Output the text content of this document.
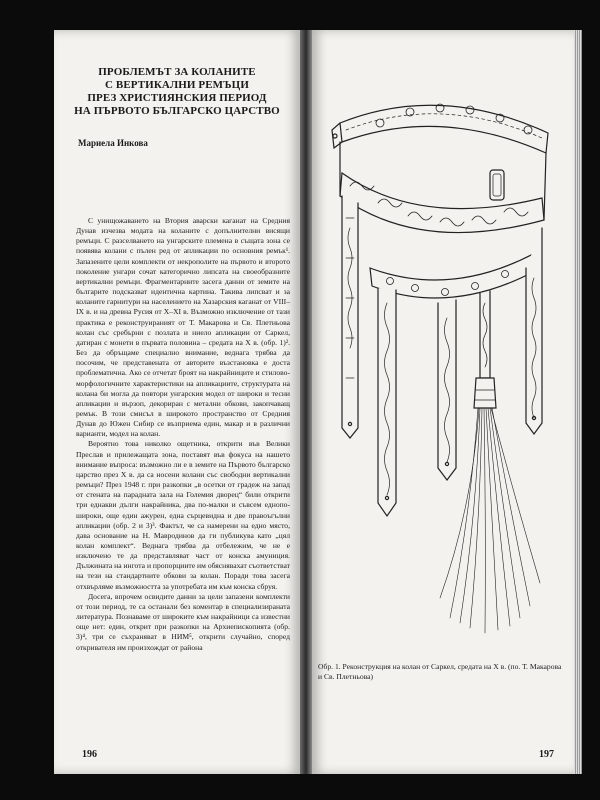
ПРОБЛЕМЪТ ЗА КОЛАНИТЕ
С ВЕРТИКАЛНИ РЕМЪЦИ
ПРЕЗ ХРИСТИЯНСКИЯ ПЕРИОД
НА ПЪРВОТО БЪЛГАРСКО ЦАРСТВО
Мариела Инкова

С унищожаването на Втория аварски каганат на Средния Дунав изчезва модата на коланите с допълнителни висящи ремъци. С разселването на унгарските племена в същата зона се появява колани с пълен ред от апликации по основния ремък¹. Запазените цели комплекти от некрополите на първото и второто поколение унгари сочат категорично липсата на своеобразните вертикални ремъци. Фрагментарните засега данни от земите на българите подсказват идентична картина. Такива липсват и за коланите гарнитури на населението на Хазарския каганат от VIII–IX в. и на древна Русия от X–XI в. Възможно изключение от тази практика е реконструираният от Т. Макарова и Св. Плетньова колан със сребърни с позлата и ниело апликации от Саркел, датиран с монети в първата половина – средата на X в. (обр. 1)². Без да обръщаме специално внимание, веднага трябва да посочим, че представената от авторите възстановка е доста проблематична. Ако се отчетат броят на накрайниците и стилово-морфологичните характеристики на апликациите, структурата на колана би могла да повтори унгарския модел от широки и тесни апликации и вързоп, декориран с метални обкови, закопчаващ ремък. В този смисъл в широкото пространство от Средния Дунав до Южен Сибир се възприема един, макар и в различни варианти, модел на колан.

Вероятно това николко ощетника, открити във Велики Преслав и прилежащата зона, поставят във фокуса на нашето внимание въпроса: възможно ли е в земите на Първото българско царство през X в. да са носени колани със свободни вертикални ремъци? През 1948 г. при разкопки „в осетки от градеж на запад от стената на парадната зала на Големия дворец“ били открити три еднакви дълги накрайника, два по-малки и съвсем еднопо-широки, още един ажурен, една сърцевидна и две правоъгълни апликации (обр. 2 и 3)³. Фактът, че са намерени на едно място, дава основание на Н. Мавродинов да ги публикува като „цял колан комплект“. Веднага трябва да отбележим, че не е изключено те да представляват част от конска амуниция. Дължината на ингота и пропорциите им обяснявахат съответстват на тези на стандартните обкови за колан. Поради това засега отхвърляме възможността за употребата им към конска сбруя.

Досега, впрочем освидите данни за цели запазени комплекти от този период, те са останали без коментар в специализираната литература. Познаваме от широките към накрайници са известни още нет: един, открит при разкопки на Архиепископията (обр. 3)⁴, три се съхраняват в НИМ⁵, открити случайно, според откривателя им произхождат от района

196
Обр. 1. Реконструкция на колан от Саркел, средата на X в. (по. Т. Макарова и Св. Плетньова)
197
